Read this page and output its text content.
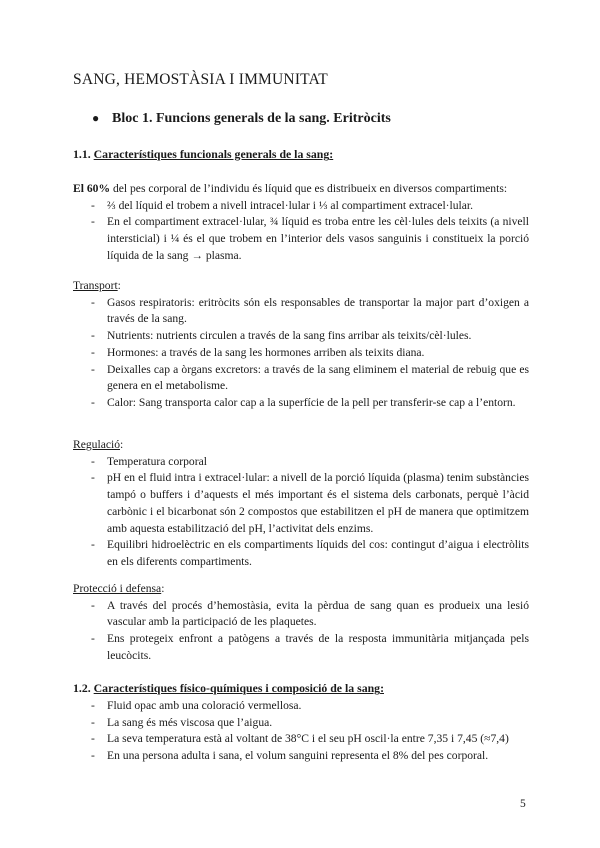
SANG, HEMOSTÀSIA I IMMUNITAT
● Bloc 1. Funcions generals de la sang. Eritròcits
1.1. Característiques funcionals generals de la sang:
El 60% del pes corporal de l’individu és líquid que es distribueix en diversos compartiments:
- ⅔ del líquid el trobem a nivell intracel·lular i ⅓ al compartiment extracel·lular.
- En el compartiment extracel·lular, ¾ líquid es troba entre les cèl·lules dels teixits (a nivell intersticial) i ¼ és el que trobem en l’interior dels vasos sanguinis i constitueix la porció líquida de la sang → plasma.
Transport:
- Gasos respiratoris: eritròcits són els responsables de transportar la major part d’oxigen a través de la sang.
- Nutrients: nutrients circulen a través de la sang fins arribar als teixits/cèl·lules.
- Hormones: a través de la sang les hormones arriben als teixits diana.
- Deixalles cap a òrgans excretors: a través de la sang eliminem el material de rebuig que es genera en el metabolisme.
- Calor: Sang transporta calor cap a la superfície de la pell per transferir-se cap a l’entorn.
Regulació:
- Temperatura corporal
- pH en el fluid intra i extracel·lular: a nivell de la porció líquida (plasma) tenim substàncies tampó o buffers i d’aquests el més important és el sistema dels carbonats, perquè l’àcid carbònic i el bicarbonat són 2 compostos que estabilitzen el pH de manera que optimitzem amb aquesta estabilització del pH, l’activitat dels enzims.
- Equilibri hidroelèctric en els compartiments líquids del cos: contingut d’aigua i electròlits en els diferents compartiments.
Protecció i defensa:
- A través del procés d’hemostàsia, evita la pèrdua de sang quan es produeix una lesió vascular amb la participació de les plaquetes.
- Ens protegeix enfront a patògens a través de la resposta immunitària mitjançada pels leucòcits.
1.2. Característiques físico-químiques i composició de la sang:
- Fluid opac amb una coloració vermellosa.
- La sang és més viscosa que l’aigua.
- La seva temperatura està al voltant de 38°C i el seu pH oscil·la entre 7,35 i 7,45 (≈7,4)
- En una persona adulta i sana, el volum sanguini representa el 8% del pes corporal.
5
